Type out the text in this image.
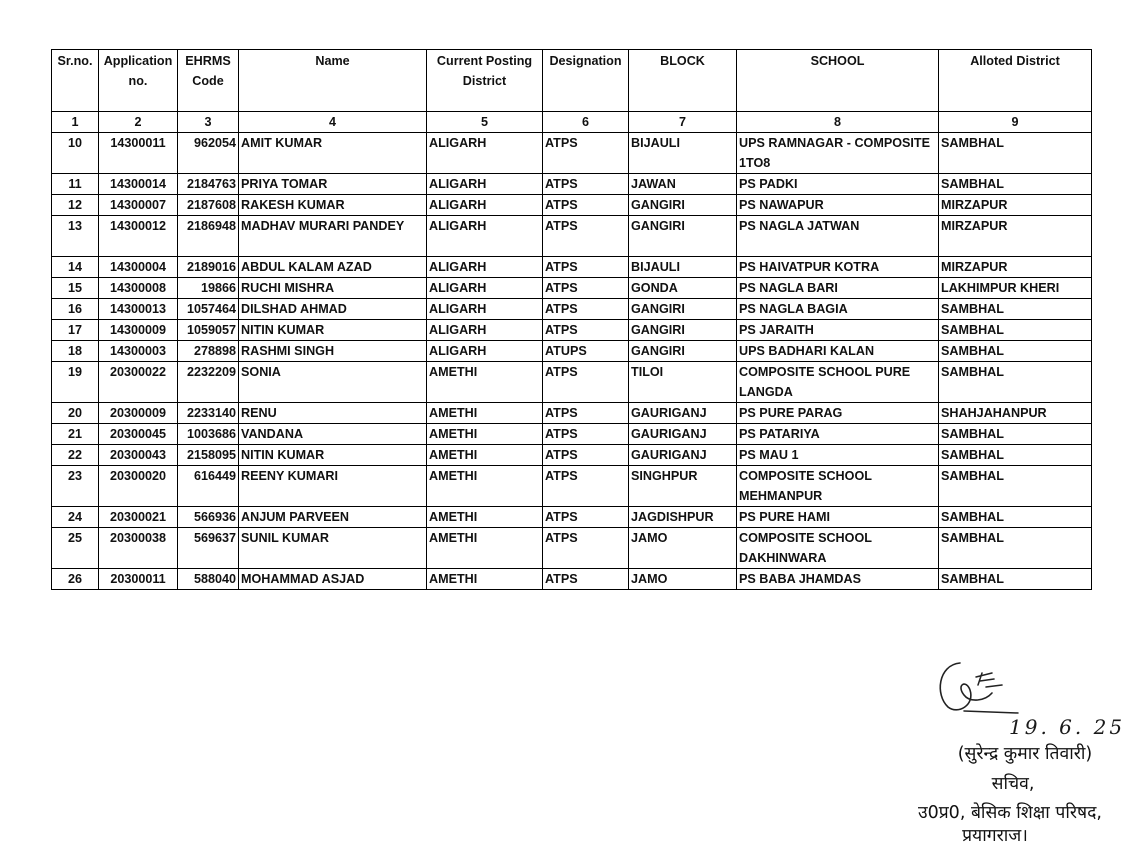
Sr.no.	Application no.	EHRMS Code	Name	Current Posting District	Designation	BLOCK	SCHOOL	Alloted District
1	2	3	4	5	6	7	8	9
10	14300011	962054	AMIT KUMAR	ALIGARH	ATPS	BIJAULI	UPS RAMNAGAR - COMPOSITE 1TO8	SAMBHAL
11	14300014	2184763	PRIYA TOMAR	ALIGARH	ATPS	JAWAN	PS PADKI	SAMBHAL
12	14300007	2187608	RAKESH KUMAR	ALIGARH	ATPS	GANGIRI	PS NAWAPUR	MIRZAPUR
13	14300012	2186948	MADHAV MURARI PANDEY	ALIGARH	ATPS	GANGIRI	PS NAGLA JATWAN	MIRZAPUR
14	14300004	2189016	ABDUL KALAM AZAD	ALIGARH	ATPS	BIJAULI	PS HAIVATPUR KOTRA	MIRZAPUR
15	14300008	19866	RUCHI MISHRA	ALIGARH	ATPS	GONDA	PS NAGLA BARI	LAKHIMPUR KHERI
16	14300013	1057464	DILSHAD AHMAD	ALIGARH	ATPS	GANGIRI	PS NAGLA BAGIA	SAMBHAL
17	14300009	1059057	NITIN KUMAR	ALIGARH	ATPS	GANGIRI	PS JARAITH	SAMBHAL
18	14300003	278898	RASHMI SINGH	ALIGARH	ATUPS	GANGIRI	UPS BADHARI KALAN	SAMBHAL
19	20300022	2232209	SONIA	AMETHI	ATPS	TILOI	COMPOSITE SCHOOL PURE LANGDA	SAMBHAL
20	20300009	2233140	RENU	AMETHI	ATPS	GAURIGANJ	PS PURE PARAG	SHAHJAHANPUR
21	20300045	1003686	VANDANA	AMETHI	ATPS	GAURIGANJ	PS PATARIYA	SAMBHAL
22	20300043	2158095	NITIN KUMAR	AMETHI	ATPS	GAURIGANJ	PS MAU 1	SAMBHAL
23	20300020	616449	REENY KUMARI	AMETHI	ATPS	SINGHPUR	COMPOSITE SCHOOL MEHMANPUR	SAMBHAL
24	20300021	566936	ANJUM PARVEEN	AMETHI	ATPS	JAGDISHPUR	PS PURE HAMI	SAMBHAL
25	20300038	569637	SUNIL KUMAR	AMETHI	ATPS	JAMO	COMPOSITE SCHOOL DAKHINWARA	SAMBHAL
26	20300011	588040	MOHAMMAD ASJAD	AMETHI	ATPS	JAMO	PS BABA JHAMDAS	SAMBHAL
19. 6. 25
(सुरेन्द्र कुमार तिवारी)
सचिव,
उ0प्र0, बेसिक शिक्षा परिषद,
प्रयागराज।
